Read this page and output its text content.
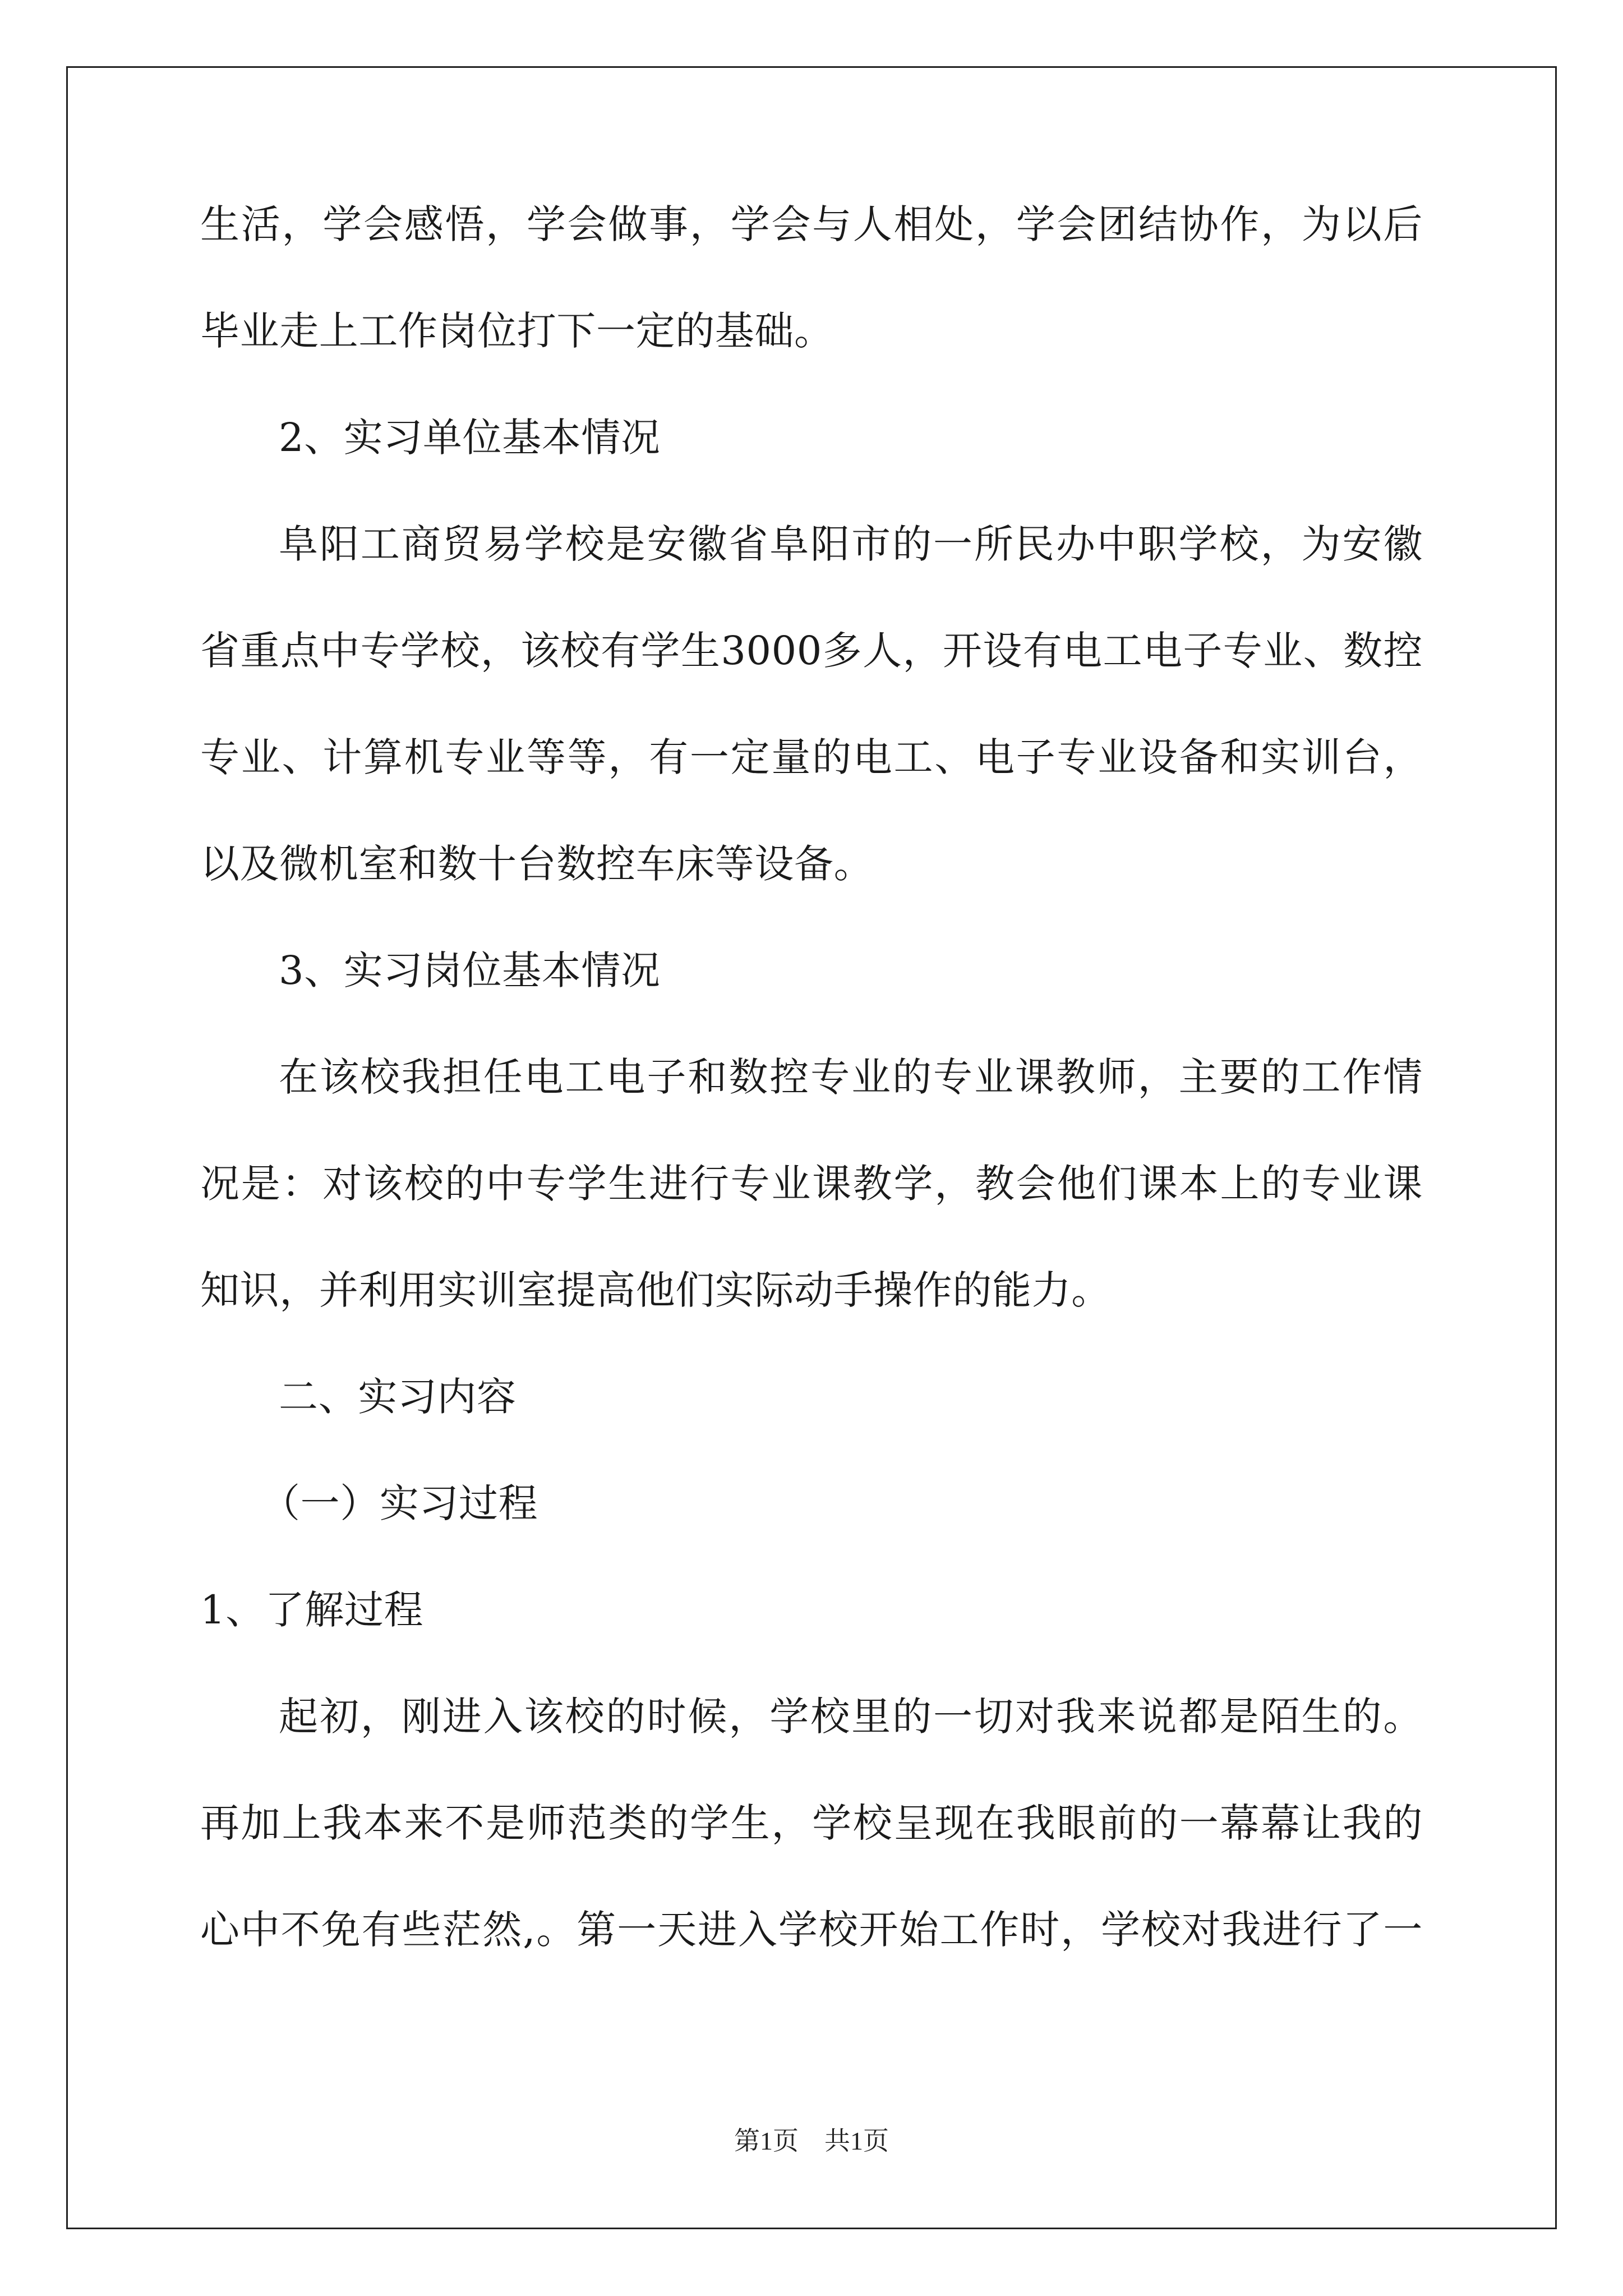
生活，学会感悟，学会做事，学会与人相处，学会团结协作，为以后
毕业走上工作岗位打下一定的基础。
2、实习单位基本情况
阜阳工商贸易学校是安徽省阜阳市的一所民办中职学校，为安徽
省重点中专学校，该校有学生3000多人，开设有电工电子专业、数控
专业、计算机专业等等，有一定量的电工、电子专业设备和实训台，
以及微机室和数十台数控车床等设备。
3、实习岗位基本情况
在该校我担任电工电子和数控专业的专业课教师，主要的工作情
况是：对该校的中专学生进行专业课教学，教会他们课本上的专业课
知识，并利用实训室提高他们实际动手操作的能力。
二、实习内容
（一）实习过程
1、了解过程
起初，刚进入该校的时候，学校里的一切对我来说都是陌生的。
再加上我本来不是师范类的学生，学校呈现在我眼前的一幕幕让我的
心中不免有些茫然,。第一天进入学校开始工作时，学校对我进行了一
第1页    共1页
